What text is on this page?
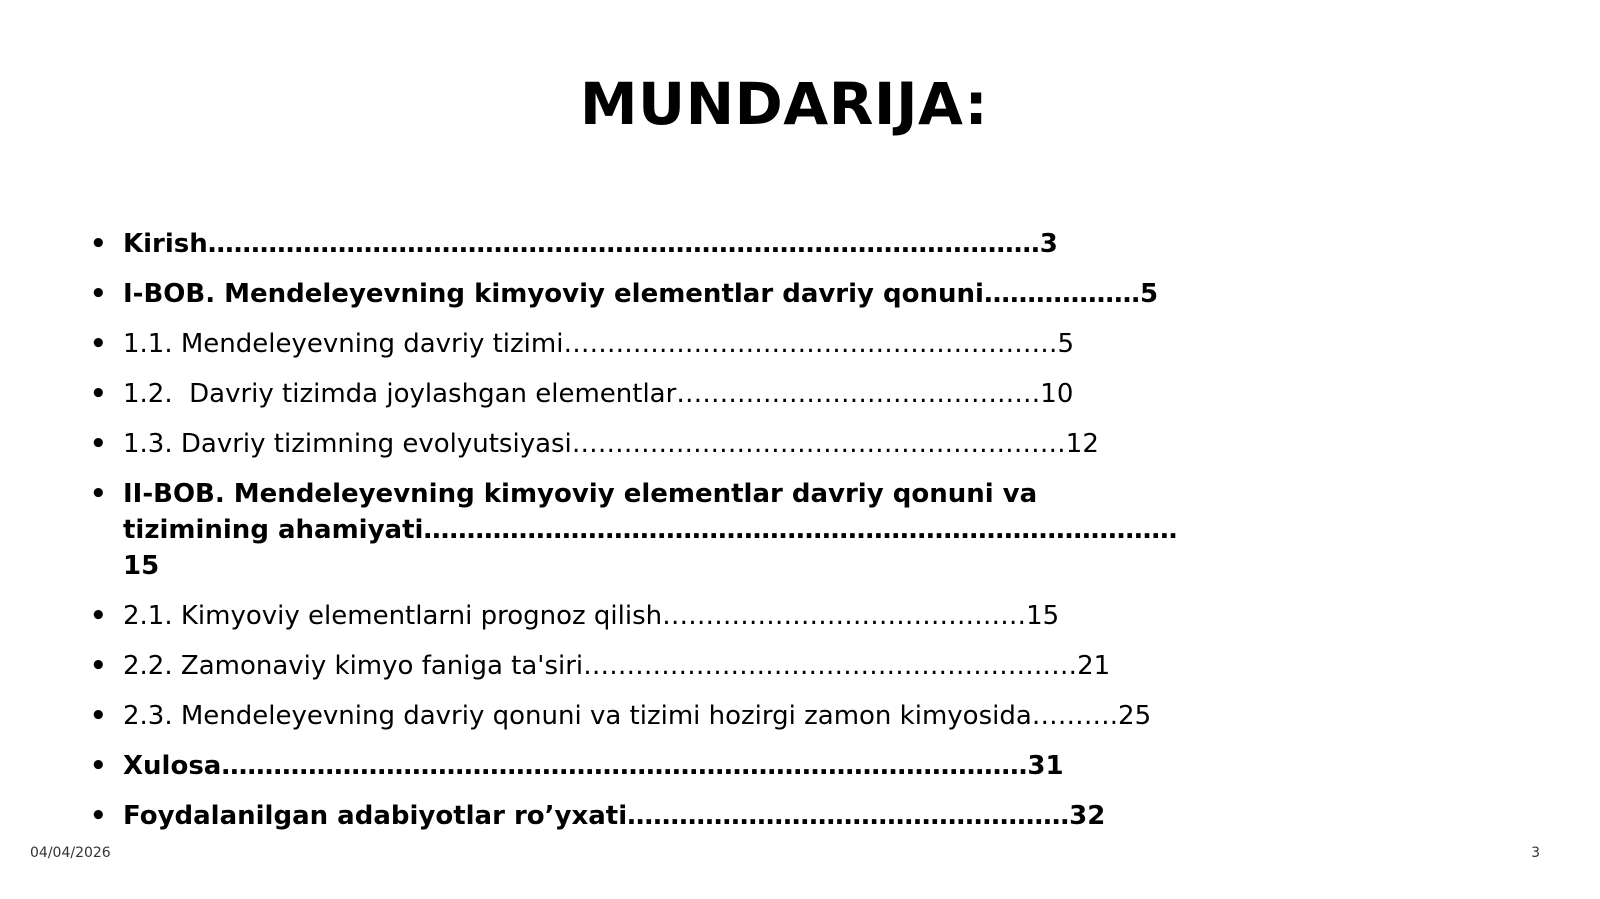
MUNDARIJA:
• Kirish……………………………………………………………………………………3
• I-BOB. Mendeleyevning kimyoviy elementlar davriy qonuni………………5
• 1.1. Mendeleyevning davriy tizimi…………………………………………………5
• 1.2.  Davriy tizimda joylashgan elementlar……………………………………10
• 1.3. Davriy tizimning evolyutsiyasi…………………………………………………12
• II-BOB. Mendeleyevning kimyoviy elementlar davriy qonuni va tizimining ahamiyati……………………………………………………………………………15
• 2.1. Kimyoviy elementlarni prognoz qilish……………………………………15
• 2.2. Zamonaviy kimyo faniga ta'siri…………………………………………………21
• 2.3. Mendeleyevning davriy qonuni va tizimi hozirgi zamon kimyosida……….25
• Xulosa…………………………………………………………………………………31
• Foydalanilgan adabiyotlar ro’yxati……………………………………………32
04/04/2026	3
